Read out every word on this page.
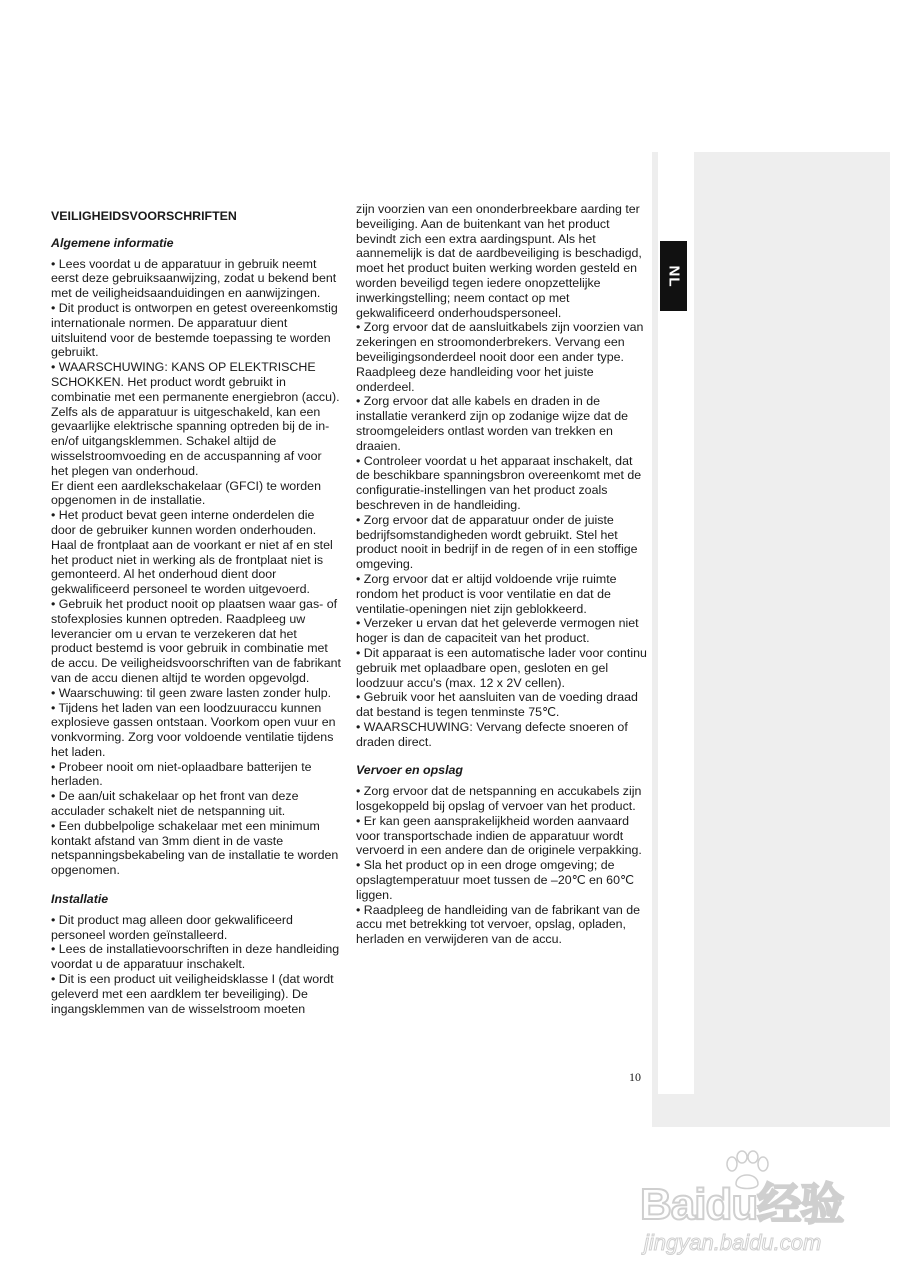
NL

VEILIGHEIDSVOORSCHRIFTEN

Algemene informatie

• Lees voordat u de apparatuur in gebruik neemt eerst deze gebruiksaanwijzing, zodat u bekend bent met de veiligheidsaanduidingen en aanwijzingen.

• Dit product is ontworpen en getest overeenkomstig internationale normen. De apparatuur dient uitsluitend voor de bestemde toepassing te worden gebruikt.

• WAARSCHUWING: KANS OP ELEKTRISCHE SCHOKKEN. Het product wordt gebruikt in combinatie met een permanente energiebron (accu). Zelfs als de apparatuur is uitgeschakeld, kan een gevaarlijke elektrische spanning optreden bij de in- en/of uitgangsklemmen. Schakel altijd de wisselstroomvoeding en de accuspanning af voor het plegen van onderhoud.

Er dient een aardlekschakelaar (GFCI) te worden opgenomen in de installatie.

• Het product bevat geen interne onderdelen die door de gebruiker kunnen worden onderhouden. Haal de frontplaat aan de voorkant er niet af en stel het product niet in werking als de frontplaat niet is gemonteerd. Al het onderhoud dient door gekwalificeerd personeel te worden uitgevoerd.

• Gebruik het product nooit op plaatsen waar gas- of stofexplosies kunnen optreden. Raadpleeg uw leverancier om u ervan te verzekeren dat het product bestemd is voor gebruik in combinatie met de accu. De veiligheidsvoorschriften van de fabrikant van de accu dienen altijd te worden opgevolgd.

• Waarschuwing: til geen zware lasten zonder hulp.

• Tijdens het laden van een loodzuuraccu kunnen explosieve gassen ontstaan. Voorkom open vuur en vonkvorming. Zorg voor voldoende ventilatie tijdens het laden.

• Probeer nooit om niet-oplaadbare batterijen te herladen.

• De aan/uit schakelaar op het front van deze acculader schakelt niet de netspanning uit.

• Een dubbelpolige schakelaar met een minimum kontakt afstand van 3mm dient in de vaste netspanningsbekabeling van de installatie te worden opgenomen.

Installatie

• Dit product mag alleen door gekwalificeerd personeel worden geïnstalleerd.

• Lees de installatievoorschriften in deze handleiding voordat u de apparatuur inschakelt.

• Dit is een product uit veiligheidsklasse I (dat wordt geleverd met een aardklem ter beveiliging). De ingangsklemmen van de wisselstroom moeten

zijn voorzien van een ononderbreekbare aarding ter beveiliging. Aan de buitenkant van het product bevindt zich een extra aardingspunt. Als het aannemelijk is dat de aardbeveiliging is beschadigd, moet het product buiten werking worden gesteld en worden beveiligd tegen iedere onopzettelijke inwerkingstelling; neem contact op met gekwalificeerd onderhoudspersoneel.

• Zorg ervoor dat de aansluitkabels zijn voorzien van zekeringen en stroomonderbrekers. Vervang een beveiligingsonderdeel nooit door een ander type. Raadpleeg deze handleiding voor het juiste onderdeel.

• Zorg ervoor dat alle kabels en draden in de installatie verankerd zijn op zodanige wijze dat de stroomgeleiders ontlast worden van trekken en draaien.

• Controleer voordat u het apparaat inschakelt, dat de beschikbare spanningsbron overeenkomt met de configuratie-instellingen van het product zoals beschreven in de handleiding.

• Zorg ervoor dat de apparatuur onder de juiste bedrijfsomstandigheden wordt gebruikt. Stel het product nooit in bedrijf in de regen of in een stoffige omgeving.

• Zorg ervoor dat er altijd voldoende vrije ruimte rondom het product is voor ventilatie en dat de ventilatie-openingen niet zijn geblokkeerd.

• Verzeker u ervan dat het geleverde vermogen niet hoger is dan de capaciteit van het product.

• Dit apparaat is een automatische lader voor continu gebruik met oplaadbare open, gesloten en gel loodzuur accu's (max. 12 x 2V cellen).

• Gebruik voor het aansluiten van de voeding draad dat bestand is tegen tenminste 75℃.

• WAARSCHUWING: Vervang defecte snoeren of draden direct.

Vervoer en opslag

• Zorg ervoor dat de netspanning en accukabels zijn losgekoppeld bij opslag of vervoer van het product.

• Er kan geen aansprakelijkheid worden aanvaard voor transportschade indien de apparatuur wordt vervoerd in een andere dan de originele verpakking.

• Sla het product op in een droge omgeving; de opslagtemperatuur moet tussen de –20℃ en 60℃ liggen.

• Raadpleeg de handleiding van de fabrikant van de accu met betrekking tot vervoer, opslag, opladen, herladen en verwijderen van de accu.

10
Baidu经验
jingyan.baidu.com
